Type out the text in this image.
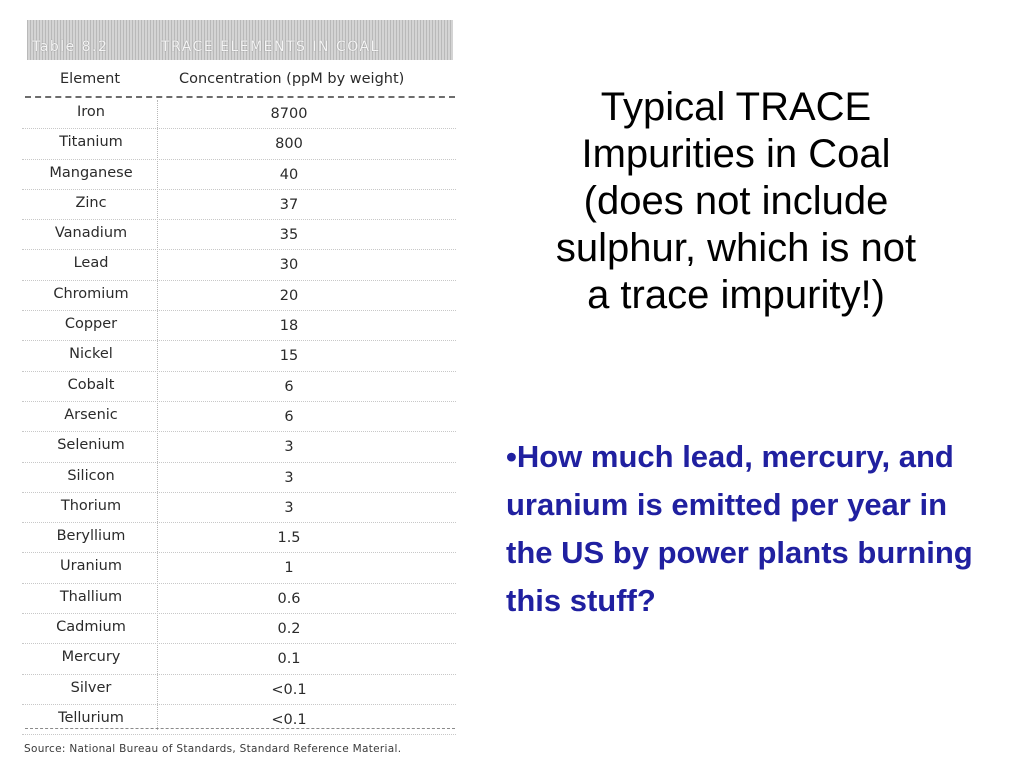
Table 8.2	TRACE ELEMENTS IN COAL
Element	Concentration (ppM by weight)
Iron	8700
Titanium	800
Manganese	40
Zinc	37
Vanadium	35
Lead	30
Chromium	20
Copper	18
Nickel	15
Cobalt	6
Arsenic	6
Selenium	3
Silicon	3
Thorium	3
Beryllium	1.5
Uranium	1
Thallium	0.6
Cadmium	0.2
Mercury	0.1
Silver	<0.1
Tellurium	<0.1
Source: National Bureau of Standards, Standard Reference Material.
Typical TRACE
Impurities in Coal
(does not include
sulphur, which is not
a trace impurity!)

•How much lead, mercury, and uranium is emitted per year in the US by power plants burning this stuff?
